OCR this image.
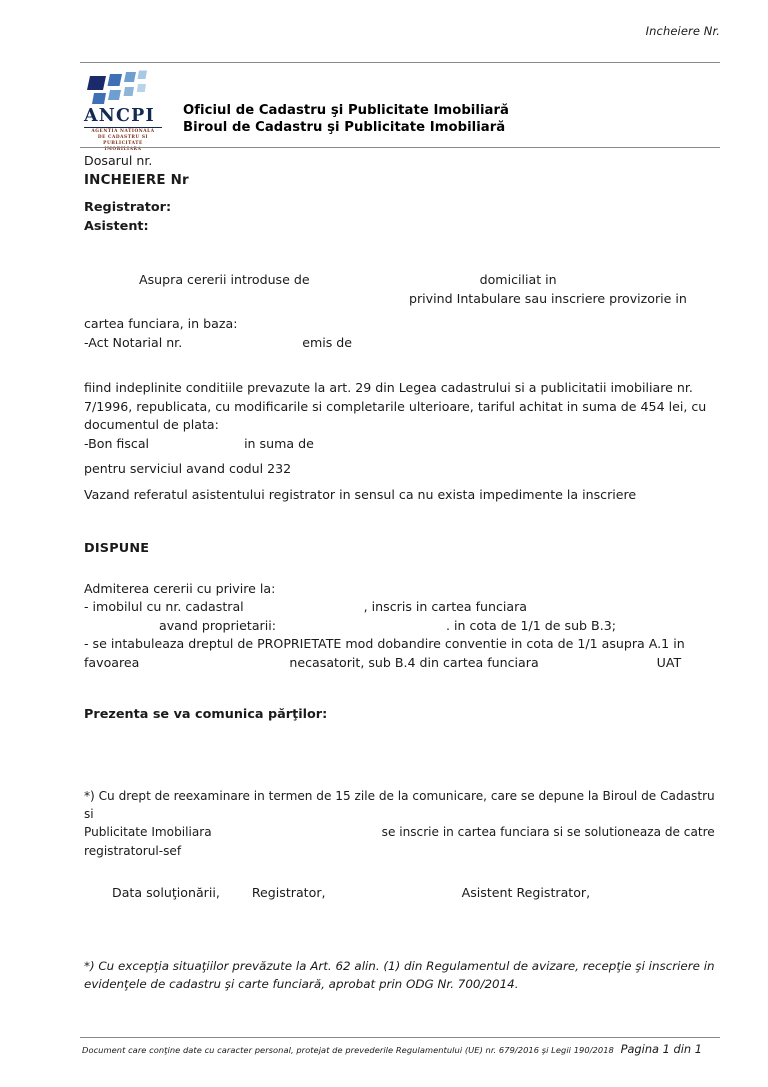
Incheiere Nr.
ANCPI
AGENTIA NATIONALA
DE CADASTRU SI
PUBLICITATE IMOBILIARA
Oficiul de Cadastru şi Publicitate Imobiliară
Biroul de Cadastru şi Publicitate Imobiliară

Dosarul nr.

INCHEIERE Nr

Registrator:

Asistent:

Asupra cererii introduse de	domiciliat in

privind Intabulare sau inscriere provizorie in

cartea funciara, in baza:

-Act Notarial nr.	emis de

fiind indeplinite conditiile prevazute la art. 29 din Legea cadastrului si a publicitatii imobiliare nr.

7/1996, republicata, cu modificarile si completarile ulterioare, tariful achitat in suma de 454 lei, cu

documentul de plata:

-Bon fiscal	in suma de

pentru serviciul avand codul 232

Vazand referatul asistentului registrator in sensul ca nu exista impedimente la inscriere

DISPUNE

Admiterea cererii cu privire la:

- imobilul cu nr. cadastral	, inscris in cartea funciara

avand proprietarii:	. in cota de 1/1 de sub B.3;

- se intabuleaza dreptul de PROPRIETATE mod dobandire conventie in cota de 1/1 asupra A.1 in

favoarea	necasatorit, sub B.4 din cartea funciara	UAT

Prezenta se va comunica părţilor:

*) Cu drept de reexaminare in termen de 15 zile de la comunicare, care se depune la Biroul de Cadastru si

Publicitate Imobiliara	se inscrie in cartea funciara si se solutioneaza de catre registratorul-sef

Data soluţionării,        Registrator,                                  Asistent Registrator,

*) Cu excepţia situaţiilor prevăzute la Art. 62 alin. (1) din Regulamentul de avizare, recepţie şi inscriere in

evidenţele de cadastru şi carte funciară, aprobat prin ODG Nr. 700/2014.

Document care conţine date cu caracter personal, protejat de prevederile Regulamentului (UE) nr. 679/2016 şi Legii 190/2018 Pagina 1 din 1
